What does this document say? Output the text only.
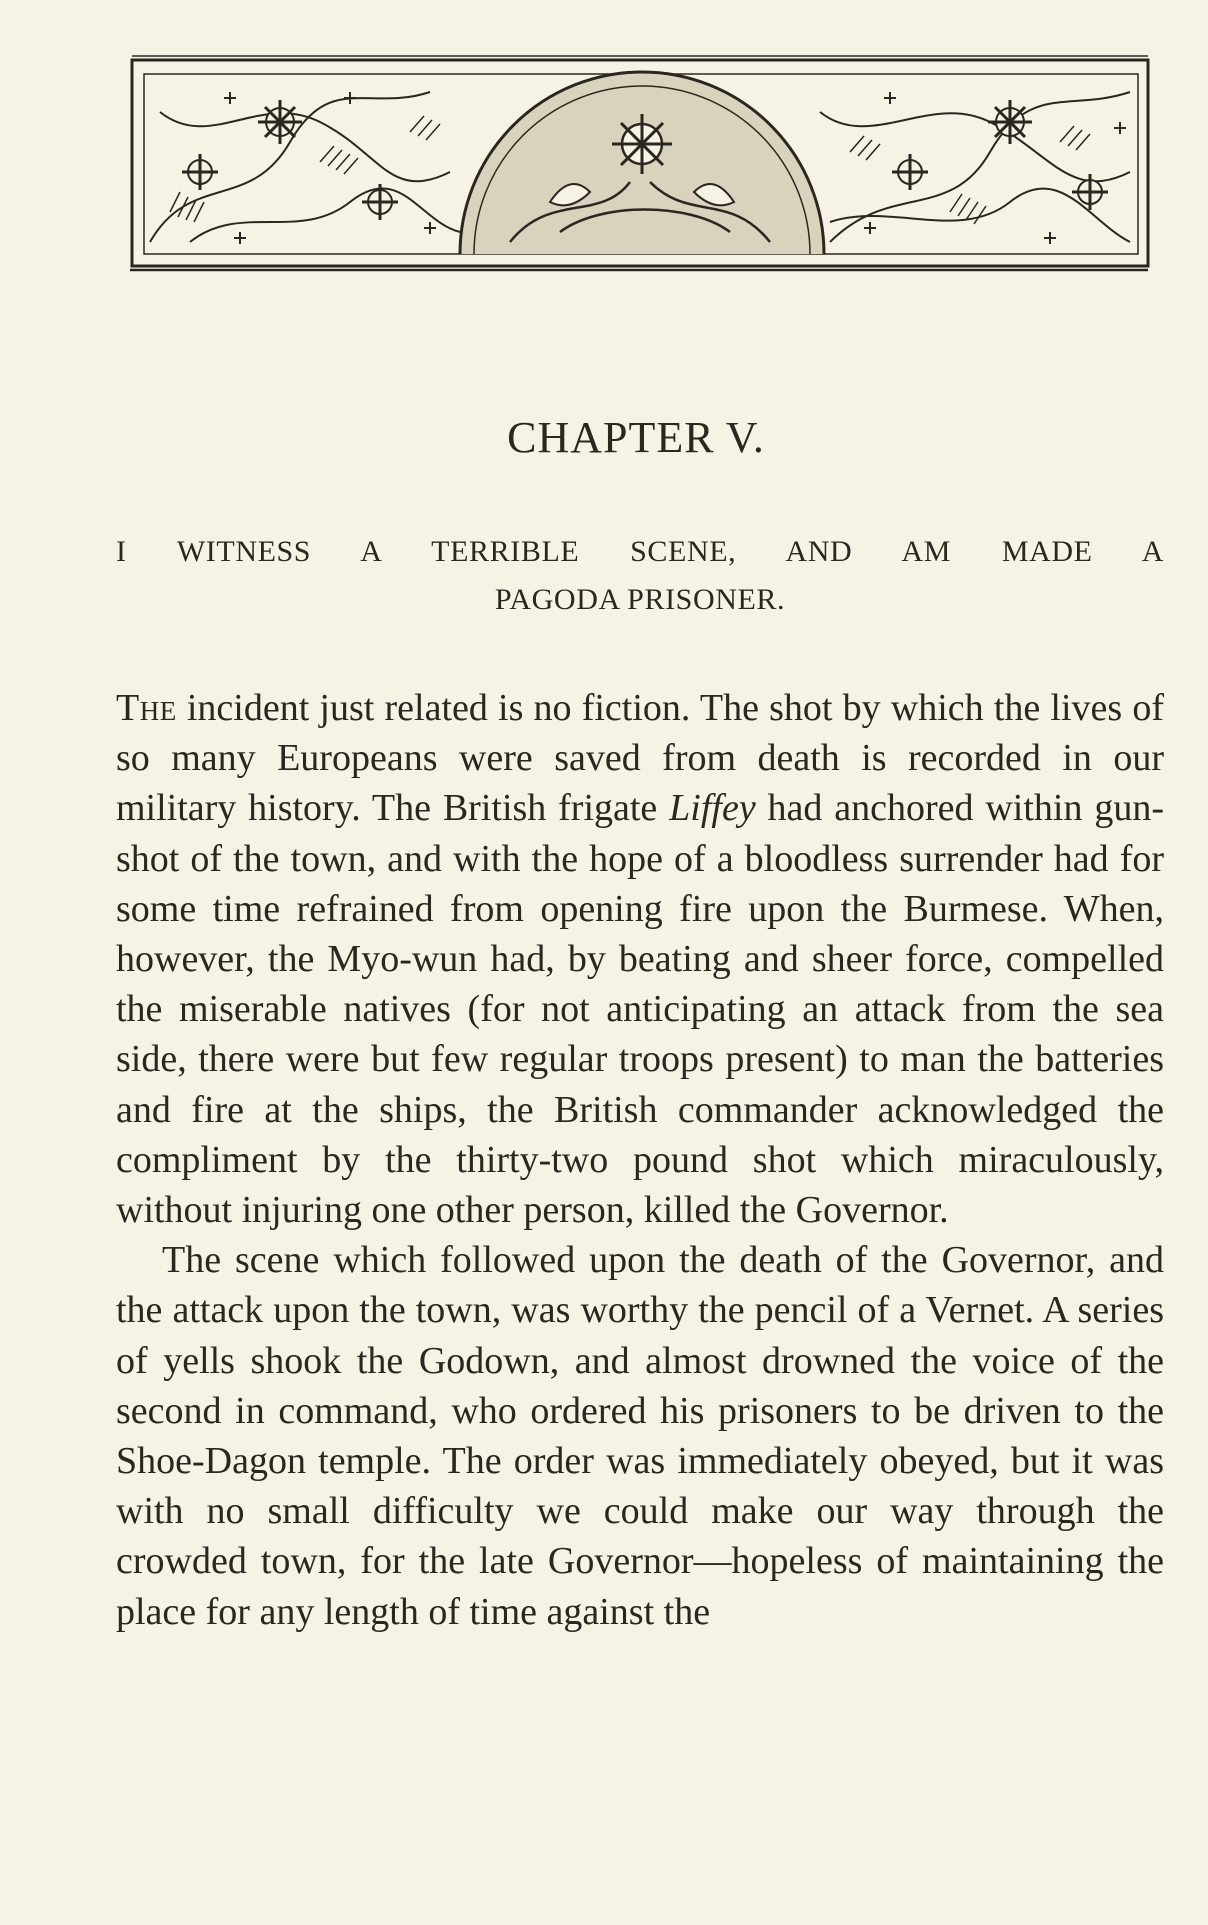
CHAPTER V.
I WITNESS A TERRIBLE SCENE, AND AM MADE A
PAGODA PRISONER.

The incident just related is no fiction. The shot by which the lives of so many Europeans were saved from death is recorded in our military history. The British frigate Liffey had anchored within gun-shot of the town, and with the hope of a bloodless surrender had for some time refrained from opening fire upon the Burmese. When, however, the Myo-wun had, by beating and sheer force, compelled the miserable natives (for not anticipating an attack from the sea side, there were but few regular troops present) to man the batteries and fire at the ships, the British commander acknowledged the compliment by the thirty-two pound shot which miraculously, without injuring one other person, killed the Governor.

The scene which followed upon the death of the Governor, and the attack upon the town, was worthy the pencil of a Vernet. A series of yells shook the Godown, and almost drowned the voice of the second in command, who ordered his prisoners to be driven to the Shoe-Dagon temple. The order was immediately obeyed, but it was with no small difficulty we could make our way through the crowded town, for the late Governor—hopeless of maintaining the place for any length of time against the
